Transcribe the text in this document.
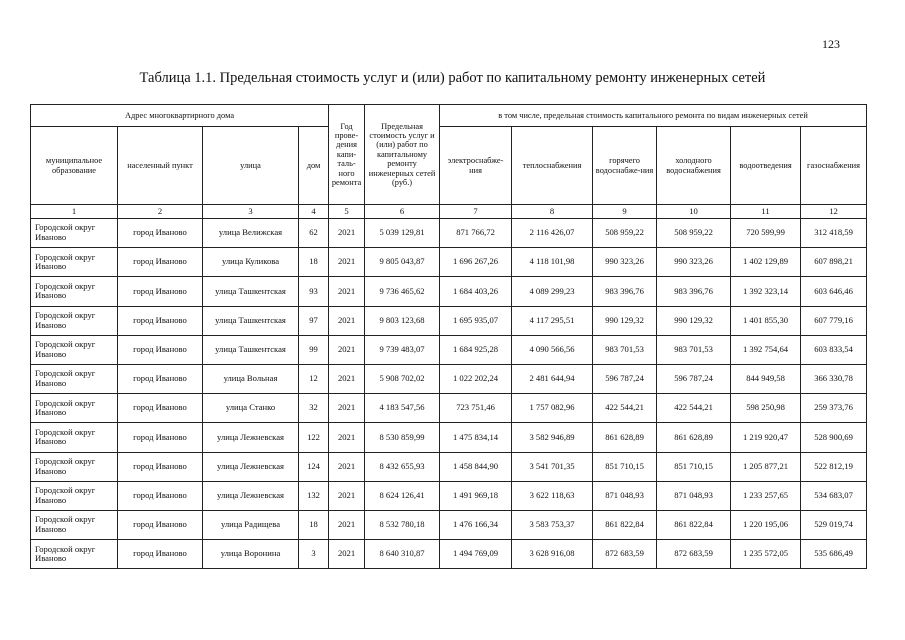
123
Таблица 1.1. Предельная стоимость услуг и (или) работ по капитальному ремонту инженерных сетей
Адрес многоквартирного дома				Год прове-дения капи-таль-ного ремонта	Предельная стоимость услуг и (или) работ по капитальному ремонту инженерных сетей (руб.)	в том числе, предельная стоимость капитального ремонта по видам инженерных сетей					
муниципальное образование	населенный пункт	улица	дом			электроснабже-ния	теплоснабжения	горячего водоснабже-ния	холодного водоснабжения	водоотведения	газоснабжения
1	2	3	4	5	6	7	8	9	10	11	12
Городской округ Иваново	город Иваново	улица Велижская	62	2021	5 039 129,81	871 766,72	2 116 426,07	508 959,22	508 959,22	720 599,99	312 418,59
Городской округ Иваново	город Иваново	улица Куликова	18	2021	9 805 043,87	1 696 267,26	4 118 101,98	990 323,26	990 323,26	1 402 129,89	607 898,21
Городской округ Иваново	город Иваново	улица Ташкентская	93	2021	9 736 465,62	1 684 403,26	4 089 299,23	983 396,76	983 396,76	1 392 323,14	603 646,46
Городской округ Иваново	город Иваново	улица Ташкентская	97	2021	9 803 123,68	1 695 935,07	4 117 295,51	990 129,32	990 129,32	1 401 855,30	607 779,16
Городской округ Иваново	город Иваново	улица Ташкентская	99	2021	9 739 483,07	1 684 925,28	4 090 566,56	983 701,53	983 701,53	1 392 754,64	603 833,54
Городской округ Иваново	город Иваново	улица Вольная	12	2021	5 908 702,02	1 022 202,24	2 481 644,94	596 787,24	596 787,24	844 949,58	366 330,78
Городской округ Иваново	город Иваново	улица Станко	32	2021	4 183 547,56	723 751,46	1 757 082,96	422 544,21	422 544,21	598 250,98	259 373,76
Городской округ Иваново	город Иваново	улица Лежневская	122	2021	8 530 859,99	1 475 834,14	3 582 946,89	861 628,89	861 628,89	1 219 920,47	528 900,69
Городской округ Иваново	город Иваново	улица Лежневская	124	2021	8 432 655,93	1 458 844,90	3 541 701,35	851 710,15	851 710,15	1 205 877,21	522 812,19
Городской округ Иваново	город Иваново	улица Лежневская	132	2021	8 624 126,41	1 491 969,18	3 622 118,63	871 048,93	871 048,93	1 233 257,65	534 683,07
Городской округ Иваново	город Иваново	улица Радищева	18	2021	8 532 780,18	1 476 166,34	3 583 753,37	861 822,84	861 822,84	1 220 195,06	529 019,74
Городской округ Иваново	город Иваново	улица Воронина	3	2021	8 640 310,87	1 494 769,09	3 628 916,08	872 683,59	872 683,59	1 235 572,05	535 686,49
